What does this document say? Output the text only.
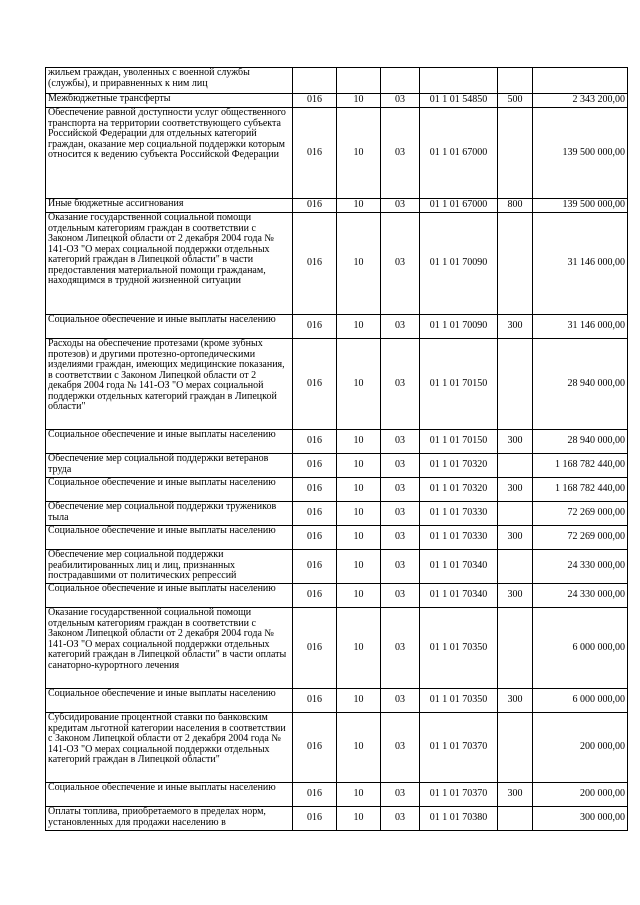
жильем граждан, уволенных с военной службы (службы), и приравненных к ним лиц						
Межбюджетные трансферты	016	10	03	01 1 01 54850	500	2 343 200,00
Обеспечение равной доступности услуг общественного транспорта на территории соответствующего субъекта Российской Федерации для отдельных категорий граждан, оказание мер социальной поддержки которым относится к ведению субъекта Российской Федерации	016	10	03	01 1 01 67000		139 500 000,00
Иные бюджетные ассигнования	016	10	03	01 1 01 67000	800	139 500 000,00
Оказание государственной социальной помощи отдельным категориям граждан в соответствии с Законом Липецкой области от 2 декабря 2004 года № 141-ОЗ "О мерах социальной поддержки отдельных категорий граждан в Липецкой области" в части предоставления материальной помощи гражданам, находящимся в трудной жизненной ситуации	016	10	03	01 1 01 70090		31 146 000,00
Социальное обеспечение и иные выплаты населению	016	10	03	01 1 01 70090	300	31 146 000,00
Расходы на обеспечение протезами (кроме зубных протезов) и другими протезно-ортопедическими изделиями граждан, имеющих медицинские показания, в соответствии с Законом Липецкой области от 2 декабря 2004 года № 141-ОЗ "О мерах социальной поддержки отдельных категорий граждан в Липецкой области"	016	10	03	01 1 01 70150		28 940 000,00
Социальное обеспечение и иные выплаты населению	016	10	03	01 1 01 70150	300	28 940 000,00
Обеспечение мер социальной поддержки ветеранов труда	016	10	03	01 1 01 70320		1 168 782 440,00
Социальное обеспечение и иные выплаты населению	016	10	03	01 1 01 70320	300	1 168 782 440,00
Обеспечение мер социальной поддержки тружеников тыла	016	10	03	01 1 01 70330		72 269 000,00
Социальное обеспечение и иные выплаты населению	016	10	03	01 1 01 70330	300	72 269 000,00
Обеспечение мер социальной поддержки реабилитированных лиц и лиц, признанных пострадавшими от политических репрессий	016	10	03	01 1 01 70340		24 330 000,00
Социальное обеспечение и иные выплаты населению	016	10	03	01 1 01 70340	300	24 330 000,00
Оказание государственной социальной помощи отдельным категориям граждан в соответствии с Законом Липецкой области от 2 декабря 2004 года № 141-ОЗ "О мерах социальной поддержки отдельных категорий граждан в Липецкой области" в части оплаты санаторно-курортного лечения	016	10	03	01 1 01 70350		6 000 000,00
Социальное обеспечение и иные выплаты населению	016	10	03	01 1 01 70350	300	6 000 000,00
Субсидирование процентной ставки по банковским кредитам льготной категории населения в соответствии с Законом Липецкой области от 2 декабря 2004 года № 141-ОЗ "О мерах социальной поддержки отдельных категорий граждан в Липецкой области"	016	10	03	01 1 01 70370		200 000,00
Социальное обеспечение и иные выплаты населению	016	10	03	01 1 01 70370	300	200 000,00
Оплаты топлива, приобретаемого в пределах норм, установленных для продажи населению в	016	10	03	01 1 01 70380		300 000,00
